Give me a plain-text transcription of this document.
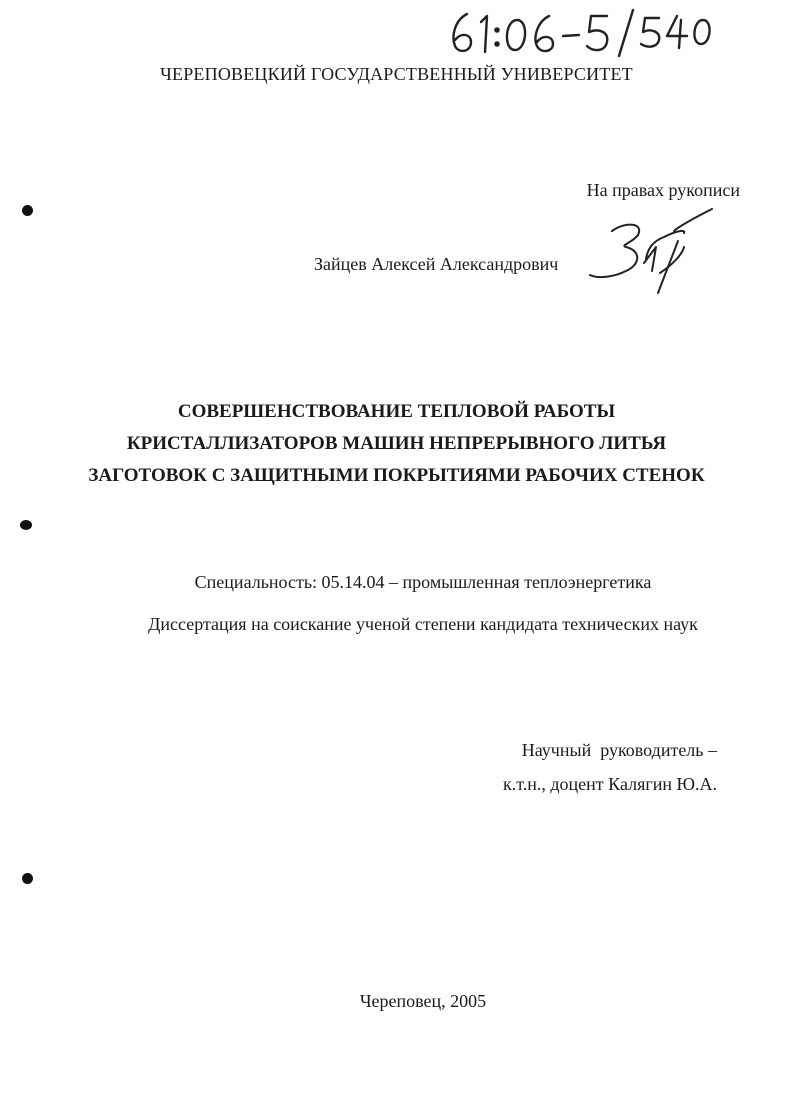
ЧЕРЕПОВЕЦКИЙ ГОСУДАРСТВЕННЫЙ УНИВЕРСИТЕТ
На правах рукописи
Зайцев Алексей Александрович
СОВЕРШЕНСТВОВАНИЕ ТЕПЛОВОЙ РАБОТЫ
КРИСТАЛЛИЗАТОРОВ МАШИН НЕПРЕРЫВНОГО ЛИТЬЯ
ЗАГОТОВОК С ЗАЩИТНЫМИ ПОКРЫТИЯМИ РАБОЧИХ СТЕНОК
Специальность: 05.14.04 – промышленная теплоэнергетика
Диссертация на соискание ученой степени кандидата технических наук
Научный  руководитель –
к.т.н., доцент Калягин Ю.А.
Череповец, 2005
